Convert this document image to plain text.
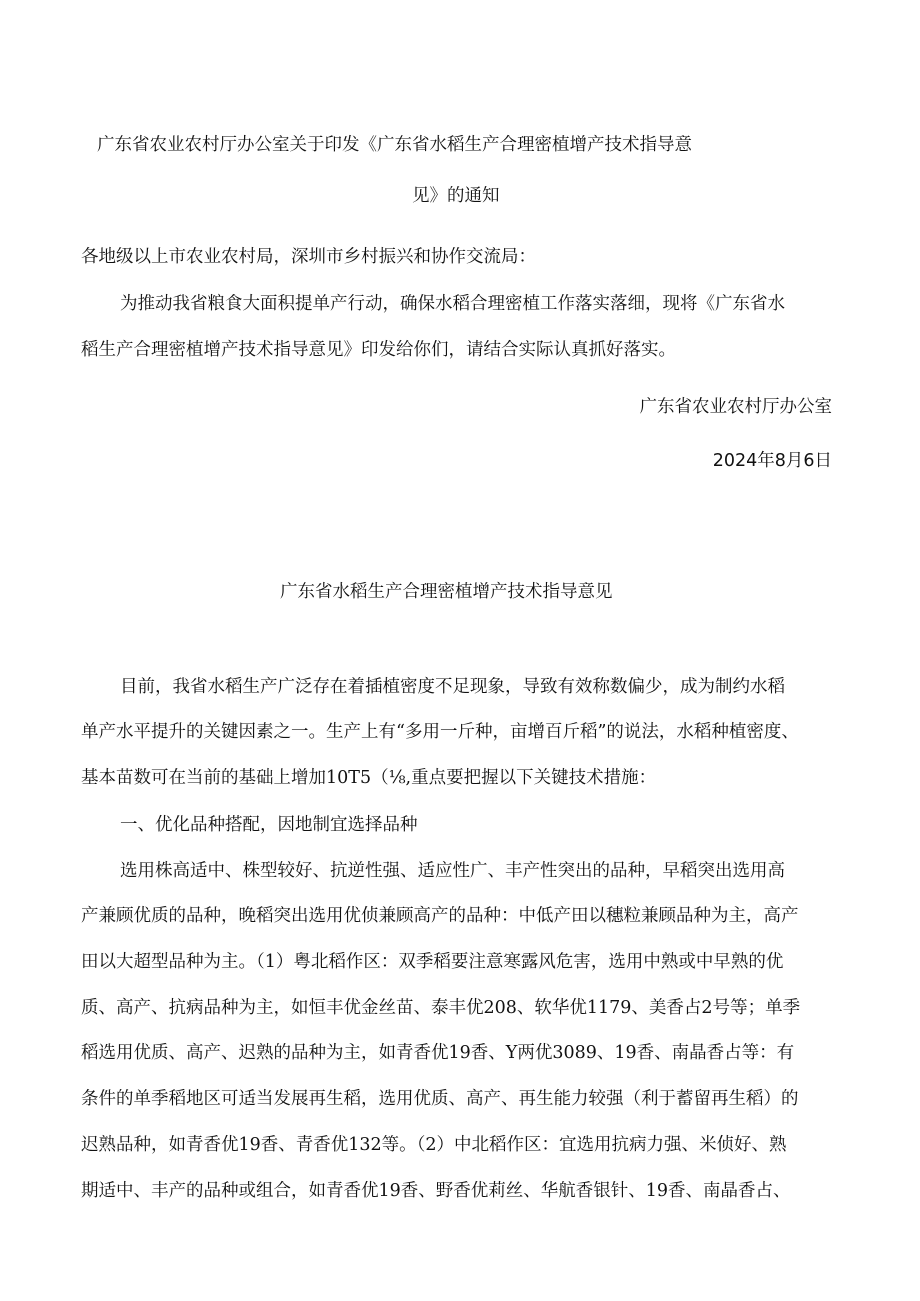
广东省农业农村厅办公室关于印发《广东省水稻生产合理密植增产技术指导意
见》的通知
各地级以上市农业农村局，深圳市乡村振兴和协作交流局：
为推动我省粮食大面积提单产行动，确保水稻合理密植工作落实落细，现将《广东省水
稻生产合理密植增产技术指导意见》印发给你们，请结合实际认真抓好落实。
广东省农业农村厅办公室
2024年8月6日
广东省水稻生产合理密植增产技术指导意见
目前，我省水稻生产广泛存在着插植密度不足现象，导致有效称数偏少，成为制约水稻
单产水平提升的关键因素之一。生产上有“多用一斤种，亩增百斤稻”的说法，水稻种植密度、
基本苗数可在当前的基础上增加10T5（⅛,重点要把握以下关键技术措施：
一、优化品种搭配，因地制宜选择品种
选用株高适中、株型较好、抗逆性强、适应性广、丰产性突出的品种，早稻突出选用高
产兼顾优质的品种，晚稻突出选用优侦兼顾高产的品种：中低产田以穗粒兼顾品种为主，高产
田以大超型品种为主。（1）粤北稻作区：双季稻要注意寒露风危害，选用中熟或中早熟的优
质、高产、抗病品种为主，如恒丰优金丝苗、泰丰优208、软华优1179、美香占2号等；单季
稻选用优质、高产、迟熟的品种为主，如青香优19香、Y两优3089、19香、南晶香占等：有
条件的单季稻地区可适当发展再生稻，选用优质、高产、再生能力较强（利于蓄留再生稻）的
迟熟品种，如青香优19香、青香优132等。（2）中北稻作区：宜选用抗病力强、米侦好、熟
期适中、丰产的品种或组合，如青香优19香、野香优莉丝、华航香银针、19香、南晶香占、
